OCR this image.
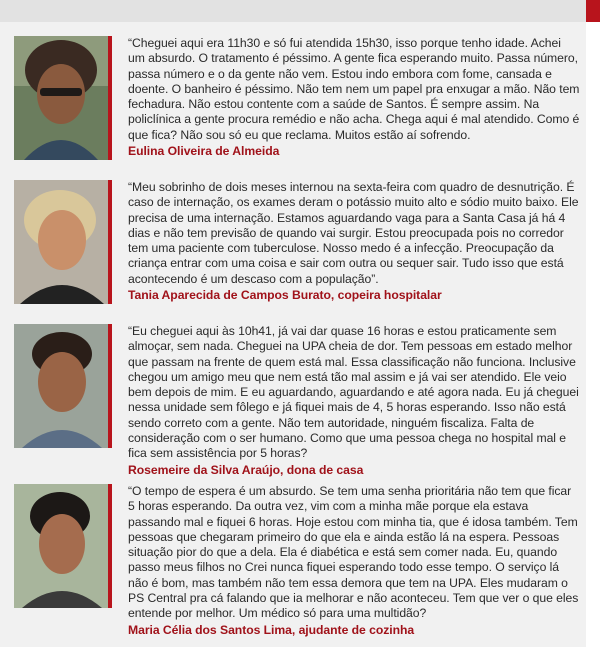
“Cheguei aqui era 11h30 e só fui atendida 15h30, isso porque tenho idade. Achei um absurdo. O tratamento é péssimo. A gente fica esperando muito. Passa número, passa número e o da gente não vem. Estou indo embora com fome, cansada e doente. O banheiro é péssimo. Não tem nem um papel pra enxugar a mão. Não tem fechadura. Não estou contente com a saúde de Santos. É sempre assim. Na policlínica a gente procura remédio e não acha. Chega aqui é mal atendido. Como é que fica? Não sou só eu que reclama. Muitos estão aí sofrendo.

Eulina Oliveira de Almeida

“Meu sobrinho de dois meses internou na sexta-feira com quadro de desnutrição. É caso de internação, os exames deram o potássio muito alto e sódio muito baixo. Ele precisa de uma internação. Estamos aguardando vaga para a Santa Casa já há 4 dias e não tem previsão de quando vai surgir. Estou preocupada pois no corredor tem uma paciente com tuberculose. Nosso medo é a infecção. Preocupação da criança entrar com uma coisa e sair com outra ou sequer sair. Tudo isso que está acontecendo é um descaso com a população”.

Tania Aparecida de Campos Burato, copeira hospitalar

“Eu cheguei aqui às 10h41, já vai dar quase 16 horas e estou praticamente sem almoçar, sem nada. Cheguei na UPA cheia de dor. Tem pessoas em estado melhor que passam na frente de quem está mal. Essa classificação não funciona. Inclusive chegou um amigo meu que nem está tão mal assim e já vai ser atendido. Ele veio bem depois de mim. E eu aguardando, aguardando e até agora nada. Eu já cheguei nessa unidade sem fôlego e já fiquei mais de 4, 5 horas esperando. Isso não está sendo correto com a gente. Não tem autoridade, ninguém fiscaliza. Falta de consideração com o ser humano. Como que uma pessoa chega no hospital mal e fica sem assistência por 5 horas?

Rosemeire da Silva Araújo, dona de casa

“O tempo de espera é um absurdo. Se tem uma senha prioritária não tem que ficar 5 horas esperando. Da outra vez, vim com a minha mãe porque ela estava passando mal e fiquei 6 horas. Hoje estou com minha tia, que é idosa também. Tem pessoas que chegaram primeiro do que ela e ainda estão lá na espera. Pessoas situação pior do que a dela. Ela é diabética e está sem comer nada. Eu, quando passo meus filhos no Crei nunca fiquei esperando todo esse tempo. O serviço lá não é bom, mas também não tem essa demora que tem na UPA. Eles mudaram o PS Central pra cá falando que ia melhorar e não aconteceu. Tem que ver o que eles entende por melhor. Um médico só para uma multidão?

Maria Célia dos Santos Lima, ajudante de cozinha
